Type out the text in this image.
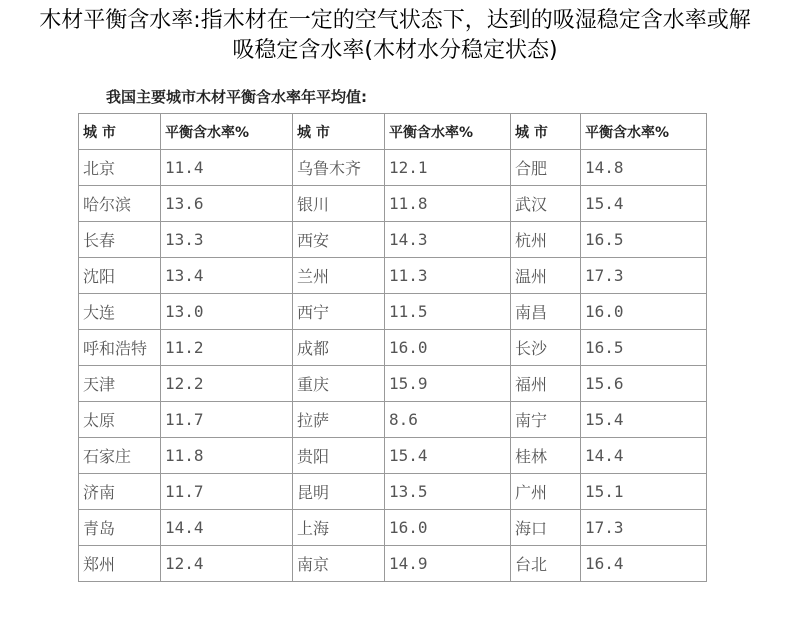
木材平衡含水率:指木材在一定的空气状态下，达到的吸湿稳定含水率或解
吸稳定含水率(木材水分稳定状态)
我国主要城市木材平衡含水率年平均值:
城 市	平衡含水率%	城 市	平衡含水率%	城 市	平衡含水率%
北京	11.4	乌鲁木齐	12.1	合肥	14.8
哈尔滨	13.6	银川	11.8	武汉	15.4
长春	13.3	西安	14.3	杭州	16.5
沈阳	13.4	兰州	11.3	温州	17.3
大连	13.0	西宁	11.5	南昌	16.0
呼和浩特	11.2	成都	16.0	长沙	16.5
天津	12.2	重庆	15.9	福州	15.6
太原	11.7	拉萨	8.6	南宁	15.4
石家庄	11.8	贵阳	15.4	桂林	14.4
济南	11.7	昆明	13.5	广州	15.1
青岛	14.4	上海	16.0	海口	17.3
郑州	12.4	南京	14.9	台北	16.4
